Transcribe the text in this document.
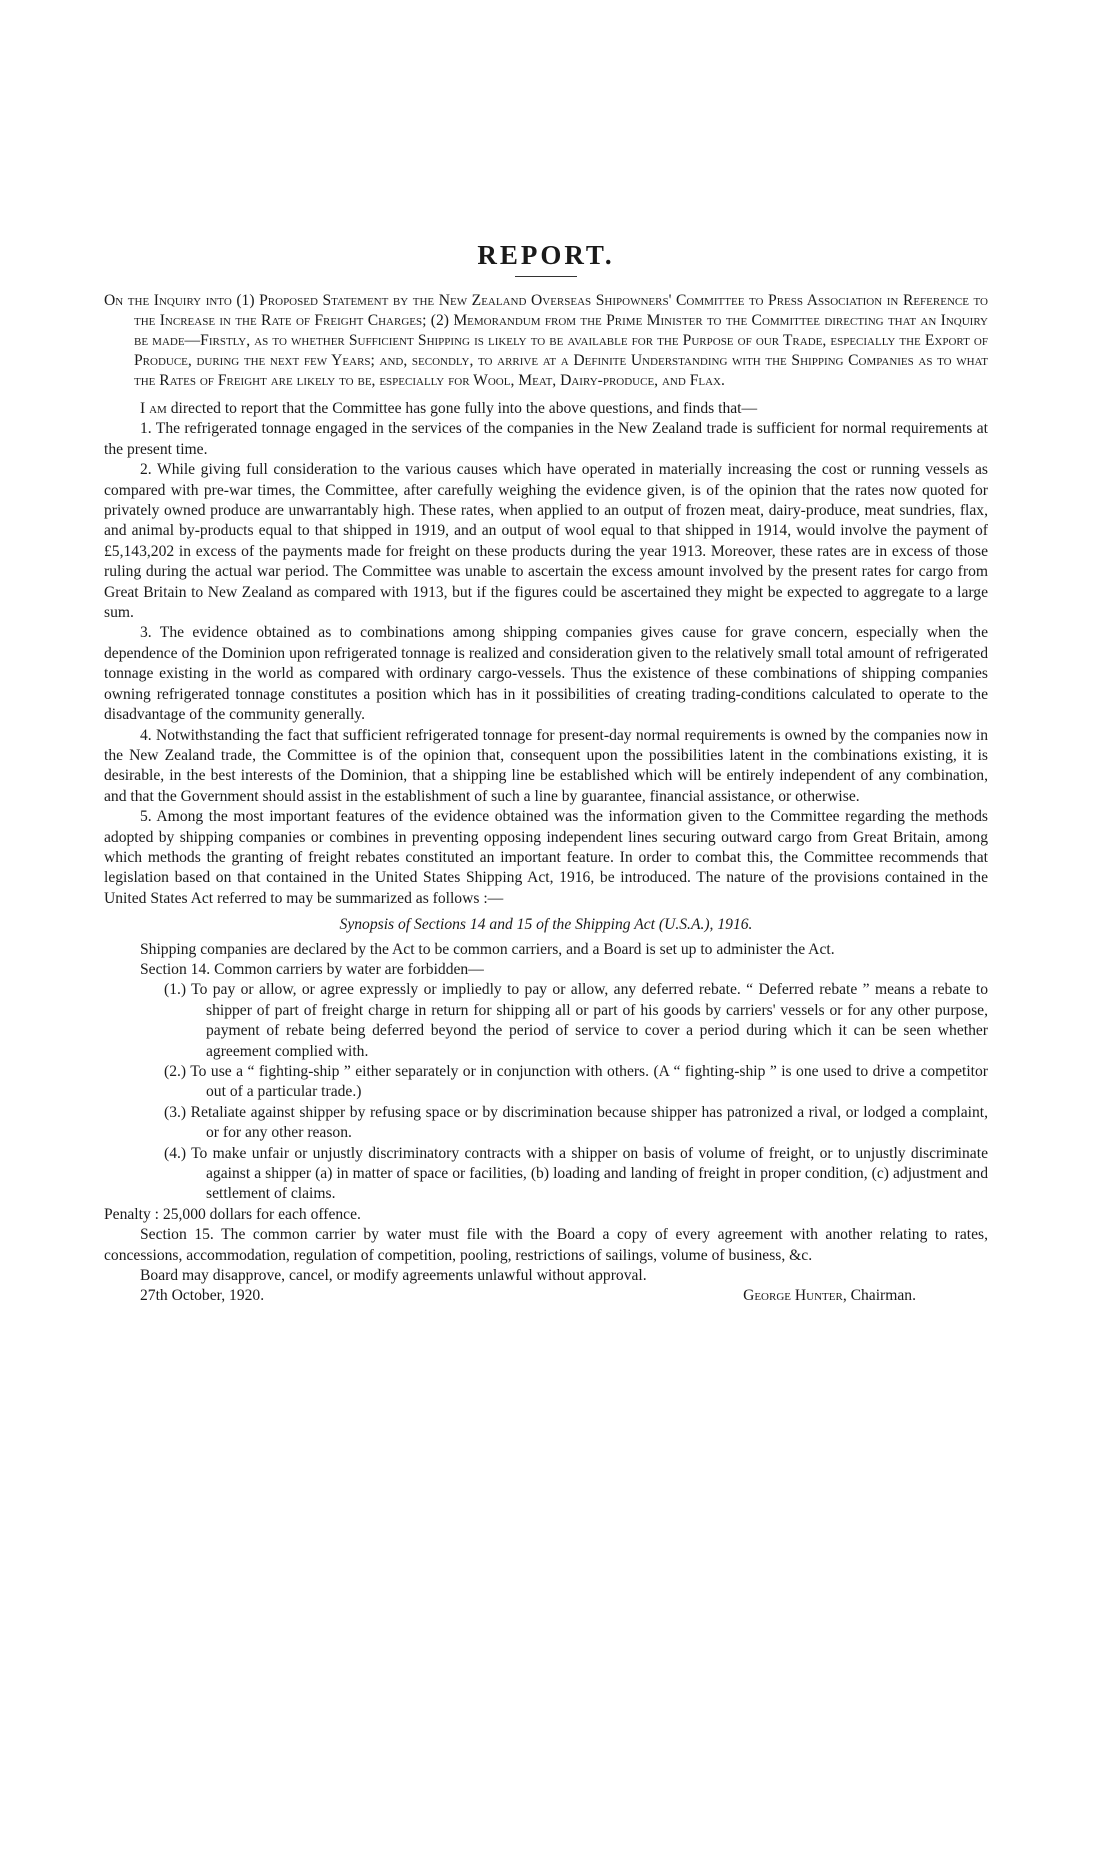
REPORT.

On the Inquiry into (1) Proposed Statement by the New Zealand Overseas Shipowners' Committee to Press Association in Reference to the Increase in the Rate of Freight Charges; (2) Memorandum from the Prime Minister to the Committee directing that an Inquiry be made—Firstly, as to whether Sufficient Shipping is likely to be available for the Purpose of our Trade, especially the Export of Produce, during the next few Years; and, secondly, to arrive at a Definite Understanding with the Shipping Companies as to what the Rates of Freight are likely to be, especially for Wool, Meat, Dairy-produce, and Flax.

I am directed to report that the Committee has gone fully into the above questions, and finds that—

1. The refrigerated tonnage engaged in the services of the companies in the New Zealand trade is sufficient for normal requirements at the present time.

2. While giving full consideration to the various causes which have operated in materially increasing the cost or running vessels as compared with pre-war times, the Committee, after carefully weighing the evidence given, is of the opinion that the rates now quoted for privately owned produce are unwarrantably high. These rates, when applied to an output of frozen meat, dairy-produce, meat sundries, flax, and animal by-products equal to that shipped in 1919, and an output of wool equal to that shipped in 1914, would involve the payment of £5,143,202 in excess of the payments made for freight on these products during the year 1913. Moreover, these rates are in excess of those ruling during the actual war period. The Committee was unable to ascertain the excess amount involved by the present rates for cargo from Great Britain to New Zealand as compared with 1913, but if the figures could be ascertained they might be expected to aggregate to a large sum.

3. The evidence obtained as to combinations among shipping companies gives cause for grave concern, especially when the dependence of the Dominion upon refrigerated tonnage is realized and consideration given to the relatively small total amount of refrigerated tonnage existing in the world as compared with ordinary cargo-vessels. Thus the existence of these combinations of shipping companies owning refrigerated tonnage constitutes a position which has in it possibilities of creating trading-conditions calculated to operate to the disadvantage of the community generally.

4. Notwithstanding the fact that sufficient refrigerated tonnage for present-day normal requirements is owned by the companies now in the New Zealand trade, the Committee is of the opinion that, consequent upon the possibilities latent in the combinations existing, it is desirable, in the best interests of the Dominion, that a shipping line be established which will be entirely independent of any combination, and that the Government should assist in the establishment of such a line by guarantee, financial assistance, or otherwise.

5. Among the most important features of the evidence obtained was the information given to the Committee regarding the methods adopted by shipping companies or combines in preventing opposing independent lines securing outward cargo from Great Britain, among which methods the granting of freight rebates constituted an important feature. In order to combat this, the Committee recommends that legislation based on that contained in the United States Shipping Act, 1916, be introduced. The nature of the provisions contained in the United States Act referred to may be summarized as follows :—

Synopsis of Sections 14 and 15 of the Shipping Act (U.S.A.), 1916.

Shipping companies are declared by the Act to be common carriers, and a Board is set up to administer the Act.

Section 14. Common carriers by water are forbidden—

(1.) To pay or allow, or agree expressly or impliedly to pay or allow, any deferred rebate. “ Deferred rebate ” means a rebate to shipper of part of freight charge in return for shipping all or part of his goods by carriers' vessels or for any other purpose, payment of rebate being deferred beyond the period of service to cover a period during which it can be seen whether agreement complied with.

(2.) To use a “ fighting-ship ” either separately or in conjunction with others. (A “ fighting-ship ” is one used to drive a competitor out of a particular trade.)

(3.) Retaliate against shipper by refusing space or by discrimination because shipper has patronized a rival, or lodged a complaint, or for any other reason.

(4.) To make unfair or unjustly discriminatory contracts with a shipper on basis of volume of freight, or to unjustly discriminate against a shipper (a) in matter of space or facilities, (b) loading and landing of freight in proper condition, (c) adjustment and settlement of claims.

Penalty : 25,000 dollars for each offence.

Section 15. The common carrier by water must file with the Board a copy of every agreement with another relating to rates, concessions, accommodation, regulation of competition, pooling, restrictions of sailings, volume of business, &c.

Board may disapprove, cancel, or modify agreements unlawful without approval.

27th October, 1920.	George Hunter, Chairman.
